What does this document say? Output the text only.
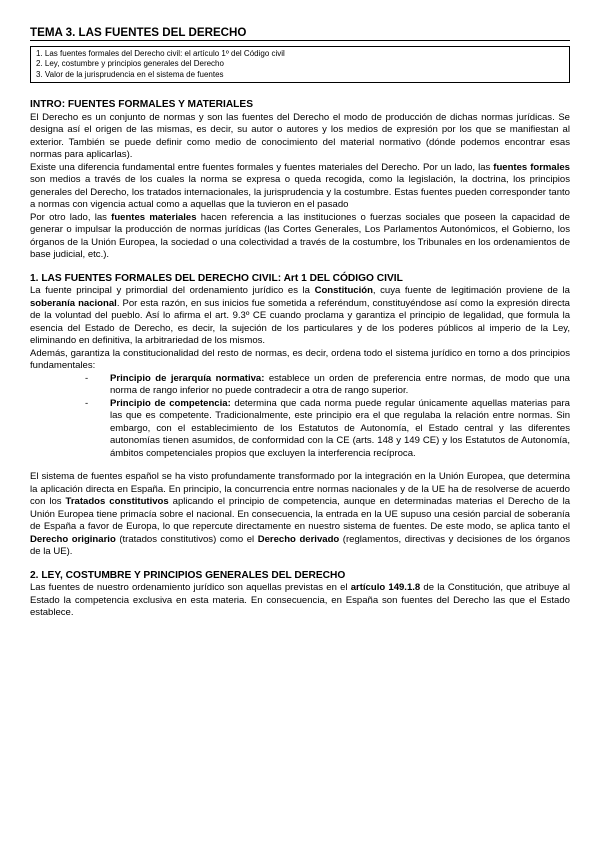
TEMA 3. LAS FUENTES DEL DERECHO
1. Las fuentes formales del Derecho civil: el artículo 1º del Código civil
2. Ley, costumbre y principios generales del Derecho
3. Valor de la jurisprudencia en el sistema de fuentes
INTRO: FUENTES FORMALES Y MATERIALES

El Derecho es un conjunto de normas y son las fuentes del Derecho el modo de producción de dichas normas jurídicas. Se designa así el origen de las mismas, es decir, su autor o autores y los medios de expresión por los que se manifiestan al exterior. También se puede definir como medio de conocimiento del material normativo (dónde podemos encontrar esas normas para aplicarlas).

Existe una diferencia fundamental entre fuentes formales y fuentes materiales del Derecho. Por un lado, las fuentes formales son medios a través de los cuales la norma se expresa o queda recogida, como la legislación, la doctrina, los principios generales del Derecho, los tratados internacionales, la jurisprudencia y la costumbre. Estas fuentes pueden corresponder tanto a normas con vigencia actual como a aquellas que la tuvieron en el pasado

Por otro lado, las fuentes materiales hacen referencia a las instituciones o fuerzas sociales que poseen la capacidad de generar o impulsar la producción de normas jurídicas (las Cortes Generales, Los Parlamentos Autonómicos, el Gobierno, los órganos de la Unión Europea, la sociedad o una colectividad a través de la costumbre, los Tribunales en los ordenamientos de base judicial, etc.).

1. LAS FUENTES FORMALES DEL DERECHO CIVIL: Art 1 DEL CÓDIGO CIVIL

La fuente principal y primordial del ordenamiento jurídico es la Constitución, cuya fuente de legitimación proviene de la soberanía nacional. Por esta razón, en sus inicios fue sometida a referéndum, constituyéndose así como la expresión directa de la voluntad del pueblo. Así lo afirma el art. 9.3º CE cuando proclama y garantiza el principio de legalidad, que formula la esencia del Estado de Derecho, es decir, la sujeción de los particulares y de los poderes públicos al imperio de la Ley, eliminando en definitiva, la arbitrariedad de los mismos.

Además, garantiza la constitucionalidad del resto de normas, es decir, ordena todo el sistema jurídico en torno a dos principios fundamentales:

- Principio de jerarquía normativa: establece un orden de preferencia entre normas, de modo que una norma de rango inferior no puede contradecir a otra de rango superior.
- Principio de competencia: determina que cada norma puede regular únicamente aquellas materias para las que es competente. Tradicionalmente, este principio era el que regulaba la relación entre normas. Sin embargo, con el establecimiento de los Estatutos de Autonomía, el Estado central y las diferentes autonomías tienen asumidos, de conformidad con la CE (arts. 148 y 149 CE) y los Estatutos de Autonomía, ámbitos competenciales propios que excluyen la interferencia recíproca.

El sistema de fuentes español se ha visto profundamente transformado por la integración en la Unión Europea, que determina la aplicación directa en España. En principio, la concurrencia entre normas nacionales y de la UE ha de resolverse de acuerdo con los Tratados constitutivos aplicando el principio de competencia, aunque en determinadas materias el Derecho de la Unión Europea tiene primacía sobre el nacional. En consecuencia, la entrada en la UE supuso una cesión parcial de soberanía de España a favor de Europa, lo que repercute directamente en nuestro sistema de fuentes. De este modo, se aplica tanto el Derecho originario (tratados constitutivos) como el Derecho derivado (reglamentos, directivas y decisiones de los órganos de la UE).

2. LEY, COSTUMBRE Y PRINCIPIOS GENERALES DEL DERECHO

Las fuentes de nuestro ordenamiento jurídico son aquellas previstas en el artículo 149.1.8 de la Constitución, que atribuye al Estado la competencia exclusiva en esta materia. En consecuencia, en España son fuentes del Derecho las que el Estado establece.
